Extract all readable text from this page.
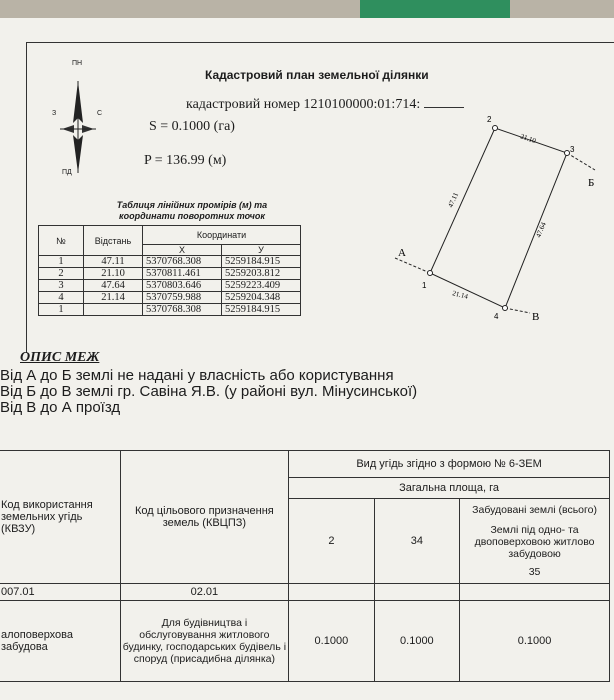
ПН
ПД
З	С
Кадастровий план земельної ділянки
кадастровий номер 1210100000:01:714:
S = 0.1000 (га)
P = 136.99 (м)
Таблиця лінійних промірів (м) та координати поворотних точок
№	Відстань	Координати	
		X	У
1	47.11	5370768.308	5259184.915
2	21.10	5370811.461	5259203.812
3	47.64	5370803.646	5259223.409
4	21.14	5370759.988	5259204.348
1		5370768.308	5259184.915
1
2
3
4
А
Б
В
47.11
21.10
47.64
21.14
ОПИС МЕЖ
Від А до Б землі не надані у власність або користування
Від Б до В землі гр. Савіна Я.В. (у районі вул. Мінусинської)
Від В до А проїзд
Код використання земельних угідь (КВЗУ)	Код цільового призначення земель (КВЦПЗ)	Вид угідь згідно з формою № 6-ЗЕМ		
		Загальна площа, га		
		2	34	Забудовані землі (всього)
Землі під одно- та двоповерховою житлово забудовою
35

007.01	02.01			
алоповерхова забудова	Для будівництва і обслуговування житлового будинку, господарських будівель і споруд (присадибна ділянка)	0.1000	0.1000	0.1000
